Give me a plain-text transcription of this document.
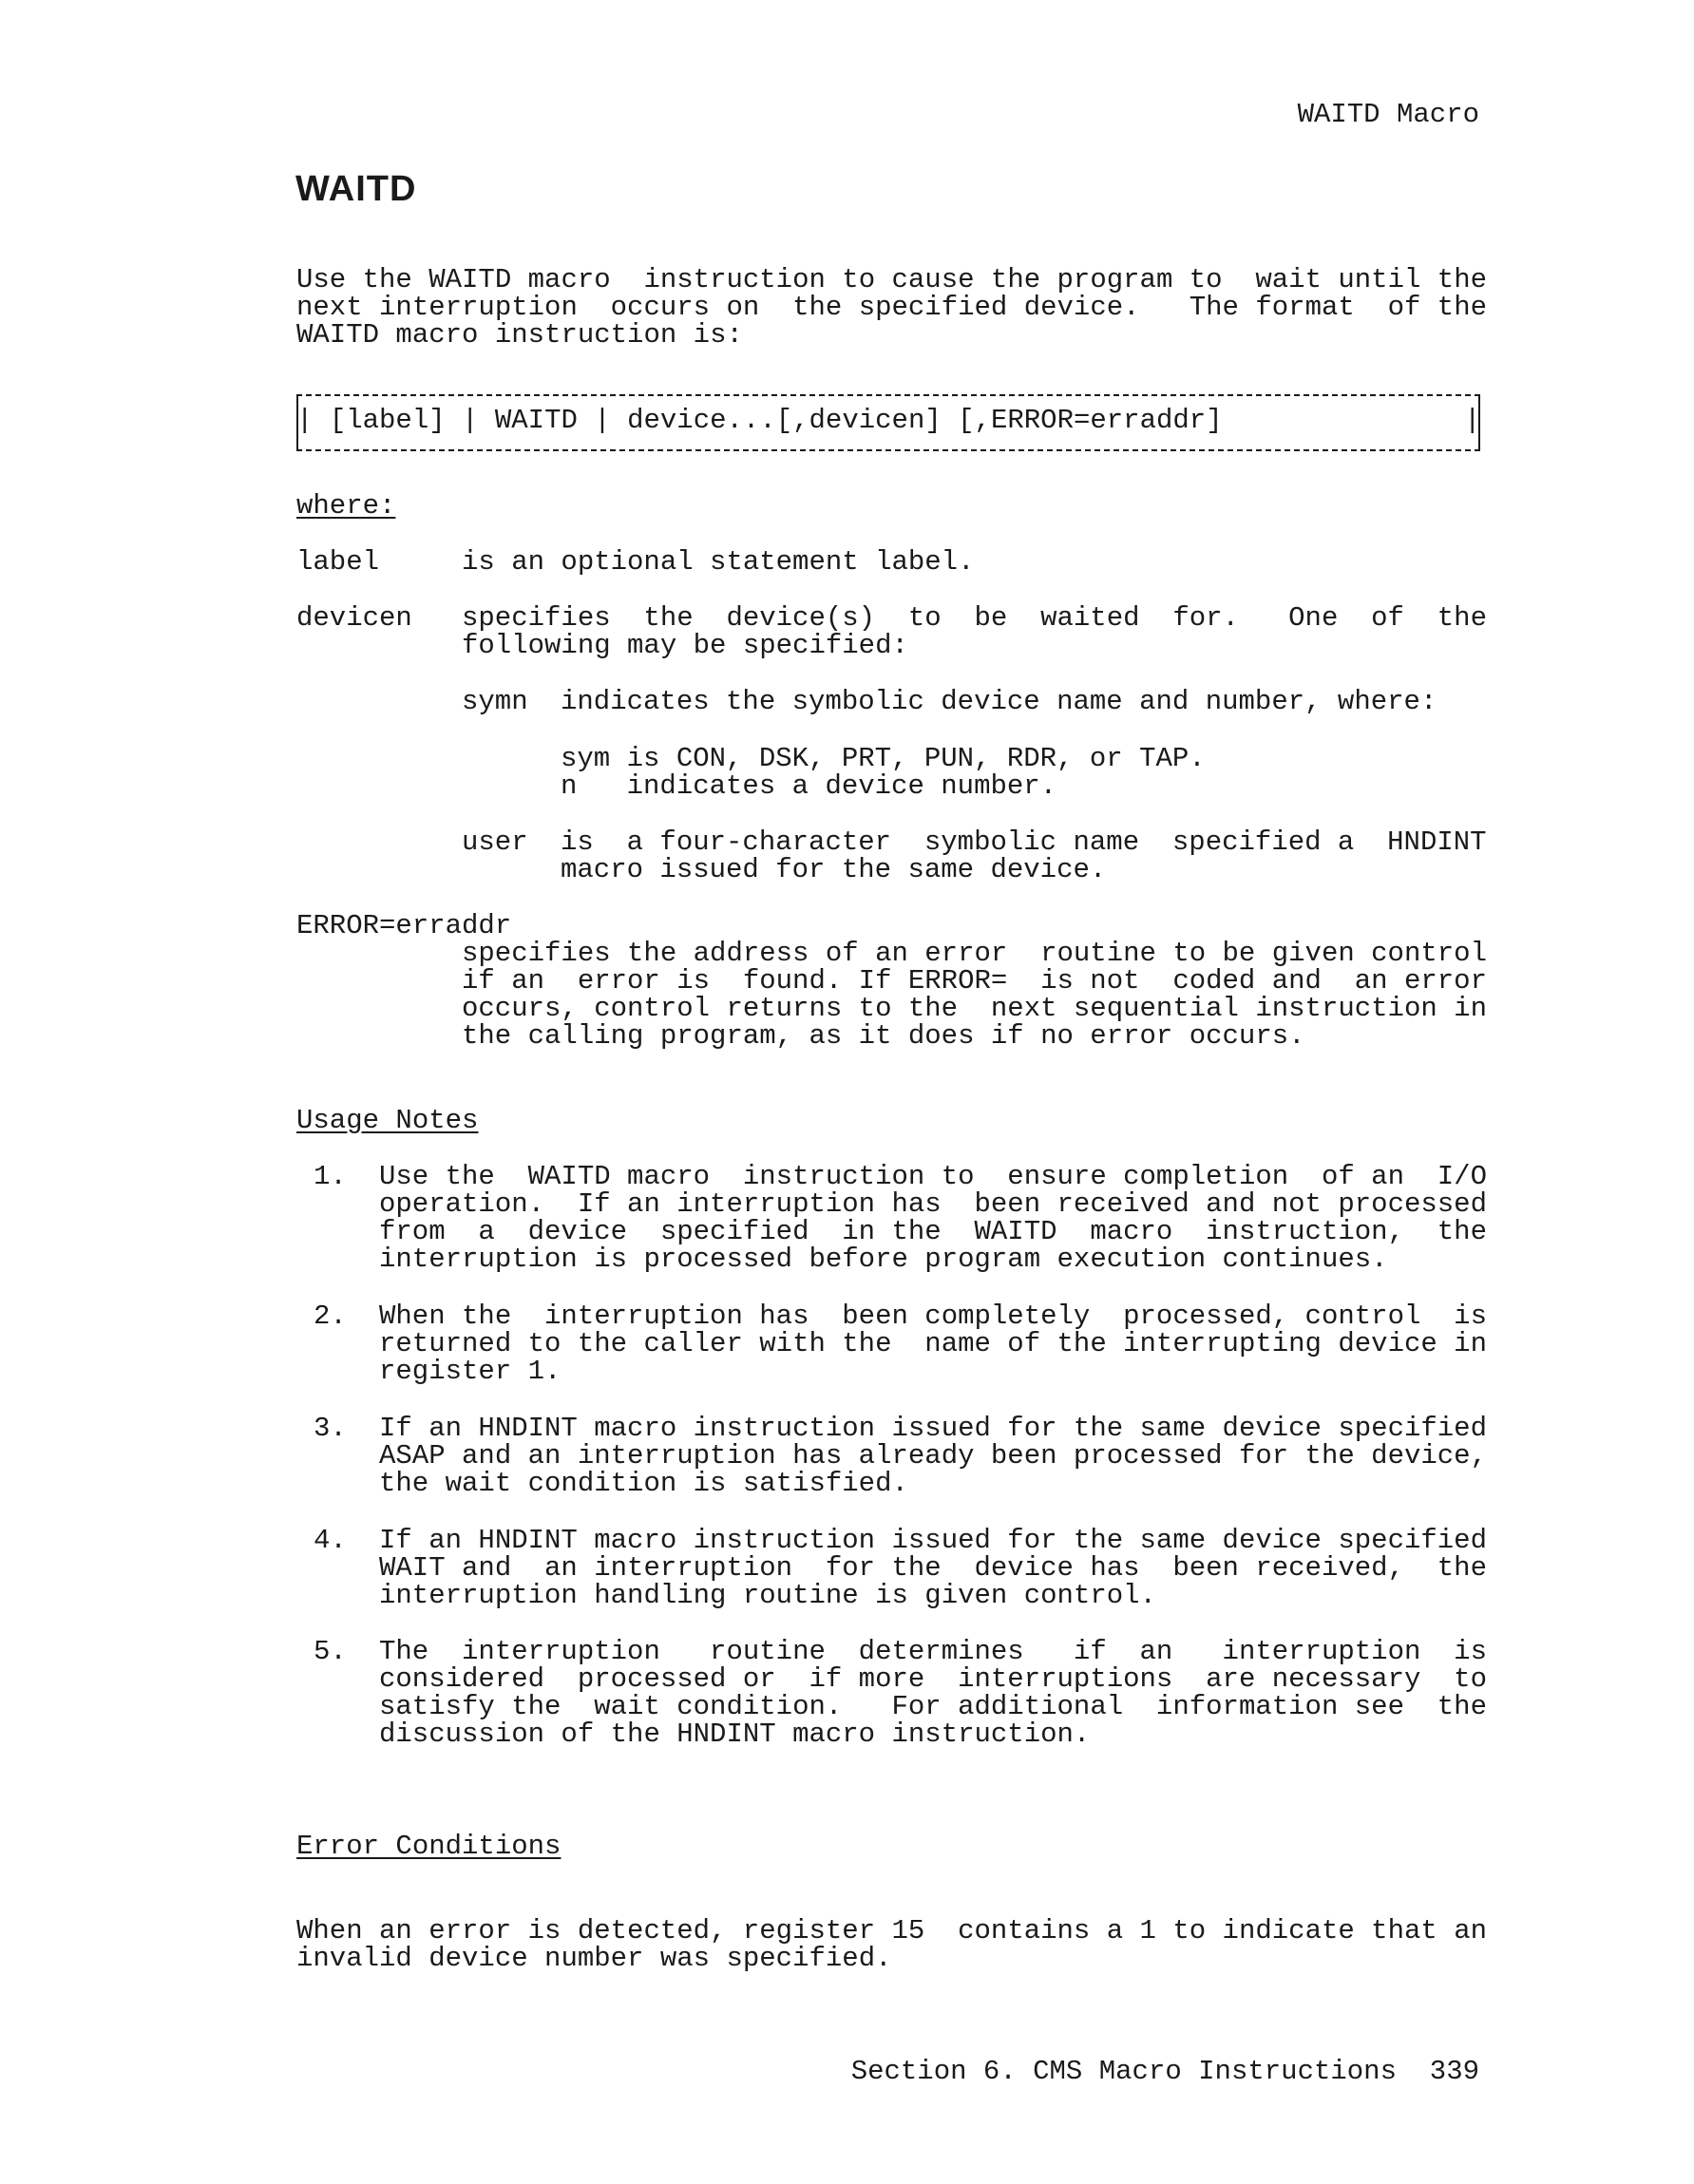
WAITD Macro
WAITD
Use the WAITD macro  instruction to cause the program to  wait until the
next interruption  occurs on  the specified device.   The format  of the
WAITD macro instruction is:
| [label] | WAITD | device...[,devicen] [,ERROR=erraddr]	|
where:
label	is an optional statement label.
devicen specifies  the  device(s)  to  be  waited  for.   One  of  the
following may be specified:
symn indicates the symbolic device name and number, where:
sym is CON, DSK, PRT, PUN, RDR, or TAP.
n   indicates a device number.
user is  a four-character  symbolic name  specified a  HNDINT
macro issued for the same device.
ERROR=erraddr
specifies the address of an error  routine to be given control
if an  error is  found. If ERROR=  is not  coded and  an error
occurs, control returns to the  next sequential instruction in
the calling program, as it does if no error occurs.
Usage Notes
1. Use the  WAITD macro  instruction to  ensure completion  of an  I/O
operation.  If an interruption has  been received and not processed
from  a  device  specified  in the  WAITD  macro  instruction,  the
interruption is processed before program execution continues.
2. When the  interruption has  been completely  processed, control  is
returned to the caller with the  name of the interrupting device in
register 1.
3. If an HNDINT macro instruction issued for the same device specified
ASAP and an interruption has already been processed for the device,
the wait condition is satisfied.
4. If an HNDINT macro instruction issued for the same device specified
WAIT and  an interruption  for the  device has  been received,  the
interruption handling routine is given control.
5. The  interruption   routine  determines   if  an   interruption  is
considered  processed or  if more  interruptions  are necessary  to
satisfy the  wait condition.   For additional  information see  the
discussion of the HNDINT macro instruction.
Error Conditions
When an error is detected, register 15  contains a 1 to indicate that an
invalid device number was specified.
Section 6. CMS Macro Instructions  339
